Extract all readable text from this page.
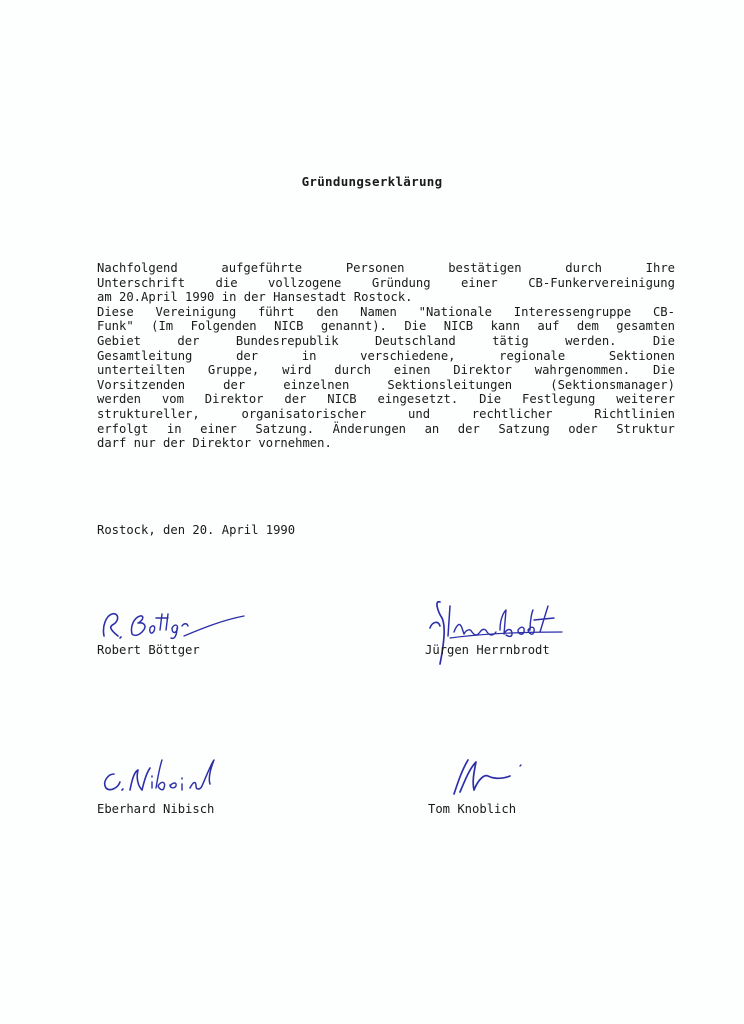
Gründungserklärung
Nachfolgend	aufgeführte	Personen	bestätigen	durch	Ihre
Unterschrift die vollzogene Gründung einer CB-Funkervereinigung
am 20.April 1990 in der Hansestadt Rostock.
Diese Vereinigung führt den Namen "Nationale Interessengruppe CB-
Funk" (Im Folgenden NICB genannt). Die NICB kann auf dem gesamten
Gebiet	der	Bundesrepublik	Deutschland	tätig	werden.	Die
Gesamtleitung	der	in	verschiedene,	regionale	Sektionen
unterteilten Gruppe, wird durch einen Direktor wahrgenommen. Die
Vorsitzenden	der	einzelnen	Sektionsleitungen	(Sektionsmanager)
werden vom Direktor der NICB eingesetzt. Die Festlegung weiterer
struktureller,	organisatorischer	und	rechtlicher	Richtlinien
erfolgt in einer Satzung. Änderungen an der Satzung oder Struktur
darf nur der Direktor vornehmen.
Rostock, den 20. April 1990
Robert Böttger	Jürgen Herrnbrodt
Eberhard Nibisch	Tom Knoblich
